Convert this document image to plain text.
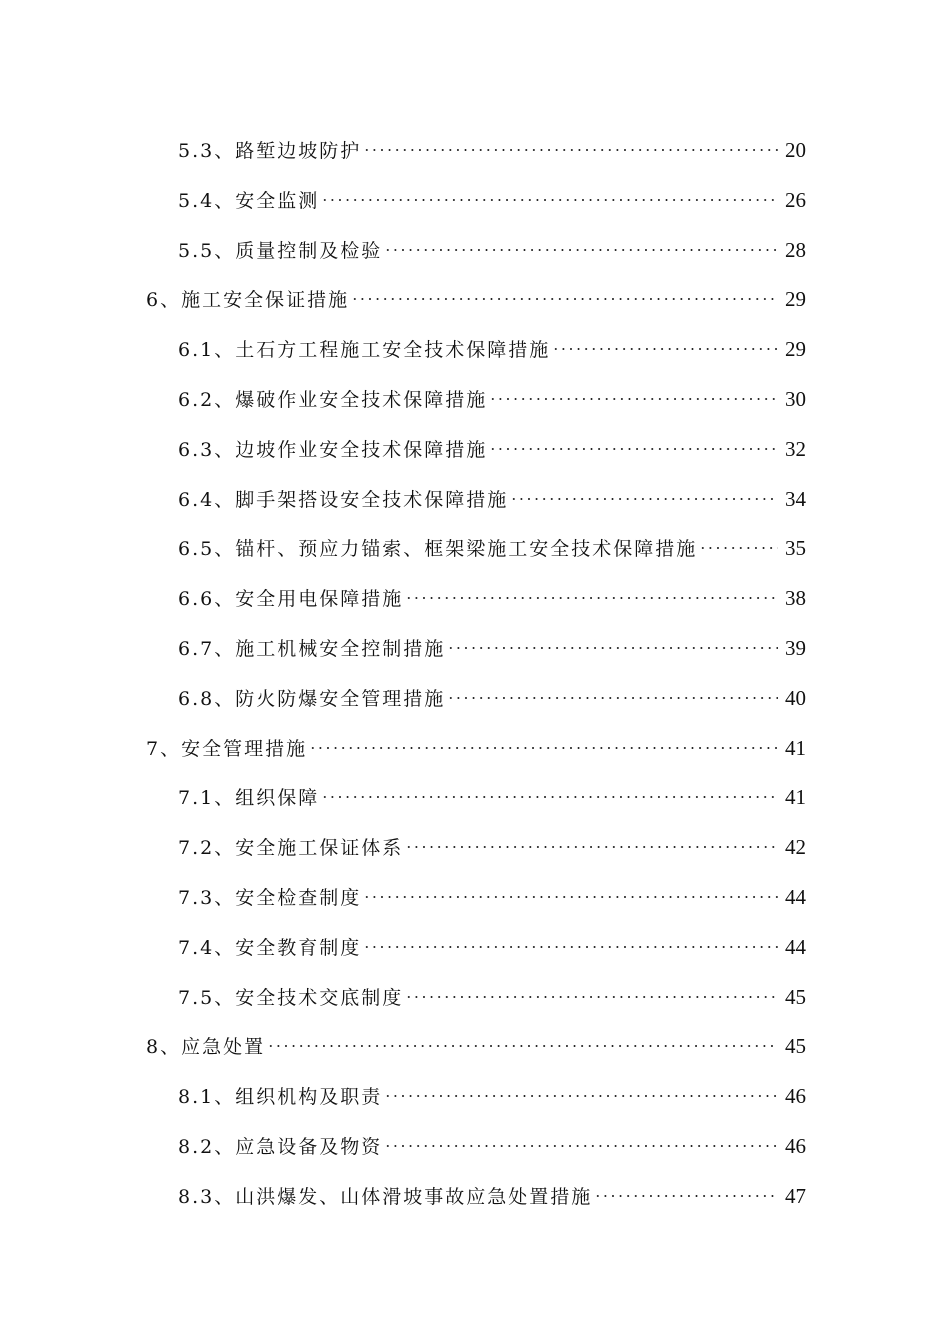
5.3、 路堑边坡防护	20
5.4、 安全监测	26
5.5、 质量控制及检验	28
6、 施工安全保证措施	29
6.1、 土石方工程施工安全技术保障措施	29
6.2、 爆破作业安全技术保障措施	30
6.3、 边坡作业安全技术保障措施	32
6.4、 脚手架搭设安全技术保障措施	34
6.5、 锚杆、预应力锚索、框架梁施工安全技术保障措施	35
6.6、 安全用电保障措施	38
6.7、 施工机械安全控制措施	39
6.8、 防火防爆安全管理措施	40
7、 安全管理措施	41
7.1、 组织保障	41
7.2、 安全施工保证体系	42
7.3、 安全检查制度	44
7.4、 安全教育制度	44
7.5、 安全技术交底制度	45
8、 应急处置	45
8.1、 组织机构及职责	46
8.2、 应急设备及物资	46
8.3、 山洪爆发、山体滑坡事故应急处置措施	47
